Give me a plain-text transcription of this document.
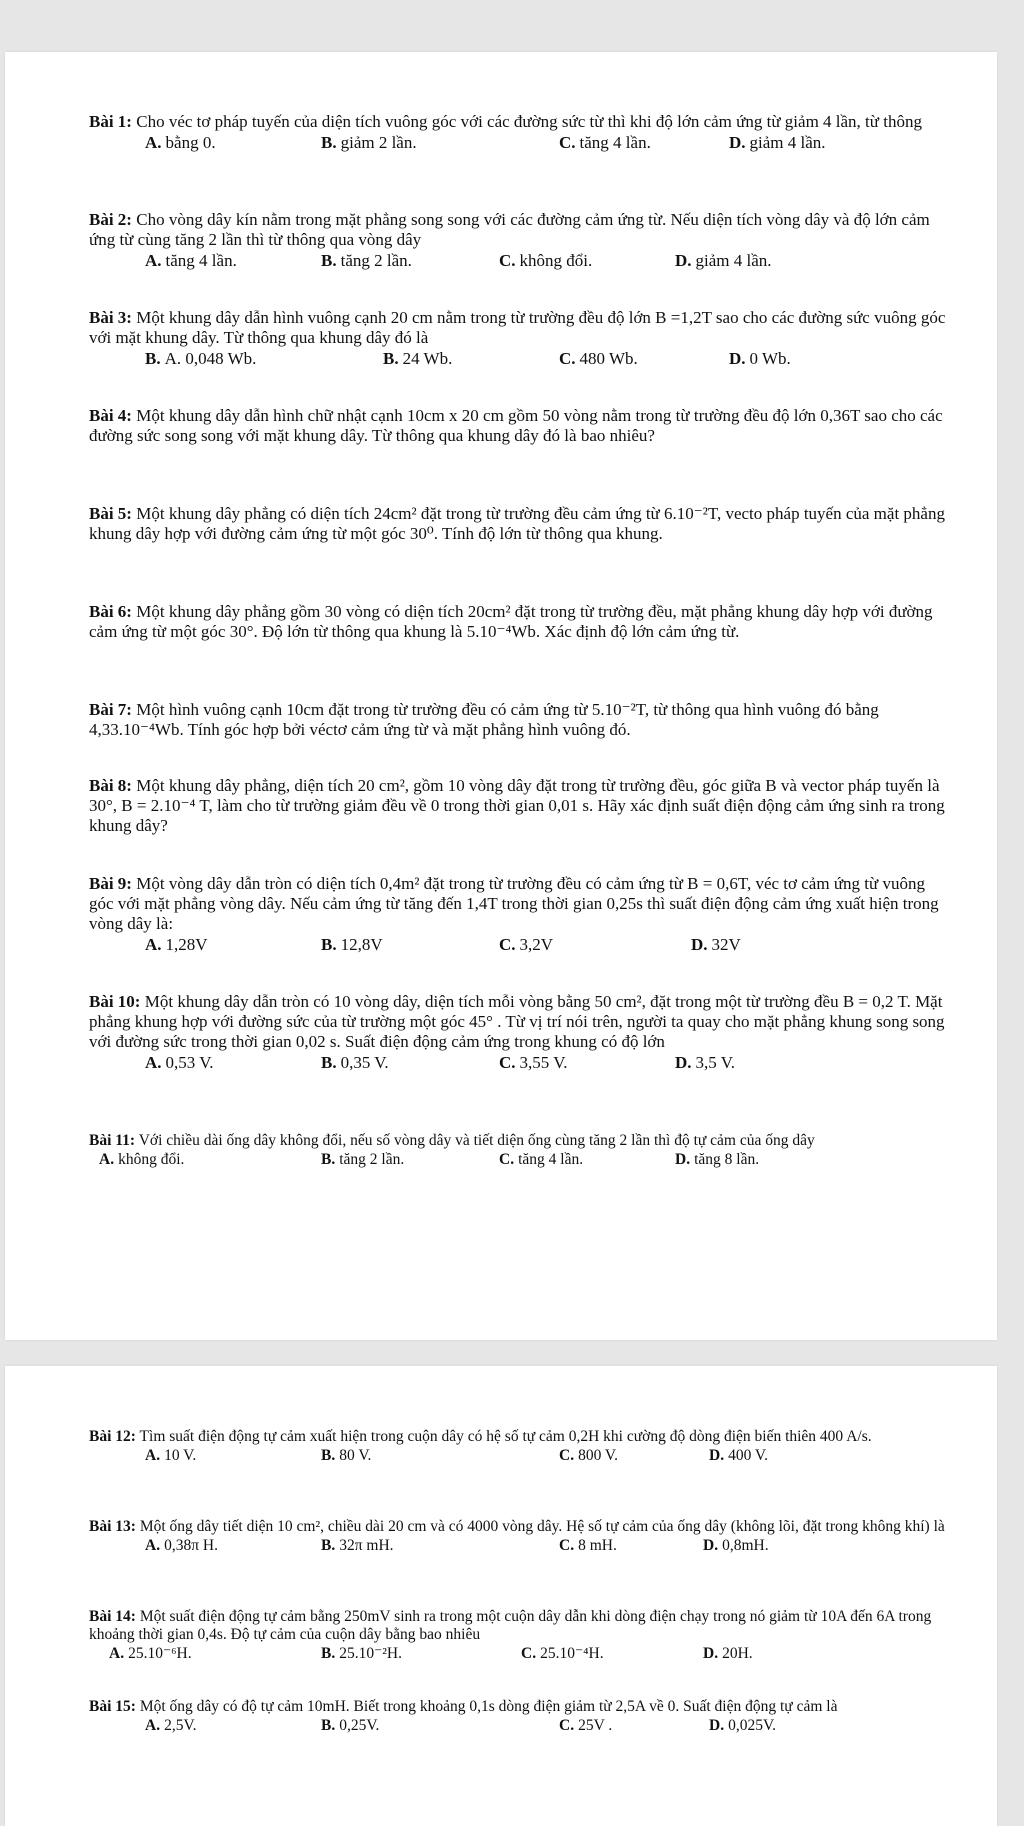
Bài 1: Cho véc tơ pháp tuyến của diện tích vuông góc với các đường sức từ thì khi độ lớn cảm ứng từ giảm 4 lần, từ thông
A. bằng 0.	B. giảm 2 lần.	C. tăng 4 lần.	D. giảm 4 lần.
Bài 2: Cho vòng dây kín nằm trong mặt phẳng song song với các đường cảm ứng từ. Nếu diện tích vòng dây và độ lớn cảm ứng từ cùng tăng 2 lần thì từ thông qua vòng dây
A. tăng 4 lần.	B. tăng 2 lần.	C. không đổi.	D. giảm 4 lần.
Bài 3: Một khung dây dẫn hình vuông cạnh 20 cm nằm trong từ trường đều độ lớn B =1,2T sao cho các đường sức vuông góc với mặt khung dây. Từ thông qua khung dây đó là
B. A. 0,048 Wb.	B. 24 Wb.	C. 480 Wb.	D. 0 Wb.
Bài 4: Một khung dây dẫn hình chữ nhật cạnh 10cm x 20 cm gồm 50 vòng nằm trong từ trường đều độ lớn 0,36T sao cho các đường sức song song với mặt khung dây. Từ thông qua khung dây đó là bao nhiêu?
Bài 5: Một khung dây phẳng có diện tích 24cm² đặt trong từ trường đều cảm ứng từ 6.10⁻²T, vecto pháp tuyến của mặt phẳng khung dây hợp với đường cảm ứng từ một góc 30⁰. Tính độ lớn từ thông qua khung.
Bài 6: Một khung dây phẳng gồm 30 vòng có diện tích 20cm² đặt trong từ trường đều, mặt phẳng khung dây hợp với đường cảm ứng từ một góc 30°. Độ lớn từ thông qua khung là 5.10⁻⁴Wb. Xác định độ lớn cảm ứng từ.
Bài 7: Một hình vuông cạnh 10cm đặt trong từ trường đều có cảm ứng từ 5.10⁻²T, từ thông qua hình vuông đó bằng 4,33.10⁻⁴Wb. Tính góc hợp bởi véctơ cảm ứng từ và mặt phẳng hình vuông đó.
Bài 8: Một khung dây phẳng, diện tích 20 cm², gồm 10 vòng dây đặt trong từ trường đều, góc giữa B và vector pháp tuyến là 30°, B = 2.10⁻⁴ T, làm cho từ trường giảm đều về 0 trong thời gian 0,01 s. Hãy xác định suất điện động cảm ứng sinh ra trong khung dây?
Bài 9: Một vòng dây dẫn tròn có diện tích 0,4m² đặt trong từ trường đều có cảm ứng từ B = 0,6T, véc tơ cảm ứng từ vuông góc với mặt phẳng vòng dây. Nếu cảm ứng từ tăng đến 1,4T trong thời gian 0,25s thì suất điện động cảm ứng xuất hiện trong vòng dây là:
A. 1,28V	B. 12,8V	C. 3,2V	D. 32V
Bài 10: Một khung dây dẫn tròn có 10 vòng dây, diện tích mỗi vòng bằng 50 cm², đặt trong một từ trường đều B = 0,2 T. Mặt phẳng khung hợp với đường sức của từ trường một góc 45° . Từ vị trí nói trên, người ta quay cho mặt phẳng khung song song với đường sức trong thời gian 0,02 s. Suất điện động cảm ứng trong khung có độ lớn
A. 0,53 V.	B. 0,35 V.	C. 3,55 V.	D. 3,5 V.
Bài 11: Với chiều dài ống dây không đổi, nếu số vòng dây và tiết diện ống cùng tăng 2 lần thì độ tự cảm của ống dây
A. không đổi.	B. tăng 2 lần.	C. tăng 4 lần.	D. tăng 8 lần.
Bài 12: Tìm suất điện động tự cảm xuất hiện trong cuộn dây có hệ số tự cảm 0,2H khi cường độ dòng điện biến thiên 400 A/s.
A. 10 V.	B. 80 V.	C. 800 V.	D. 400 V.
Bài 13: Một ống dây tiết diện 10 cm², chiều dài 20 cm và có 4000 vòng dây. Hệ số tự cảm của ống dây (không lõi, đặt trong không khí) là
A. 0,38π H.	B. 32π mH.	C. 8 mH.	D. 0,8mH.
Bài 14: Một suất điện động tự cảm bằng 250mV sinh ra trong một cuộn dây dẫn khi dòng điện chạy trong nó giảm từ 10A đến 6A trong khoảng thời gian 0,4s. Độ tự cảm của cuộn dây bằng bao nhiêu
A. 25.10⁻⁶H.	B. 25.10⁻²H.	C. 25.10⁻⁴H.	D. 20H.
Bài 15: Một ống dây có độ tự cảm 10mH. Biết trong khoảng 0,1s dòng điện giảm từ 2,5A về 0. Suất điện động tự cảm là
A. 2,5V.	B. 0,25V.	C. 25V .	D. 0,025V.
